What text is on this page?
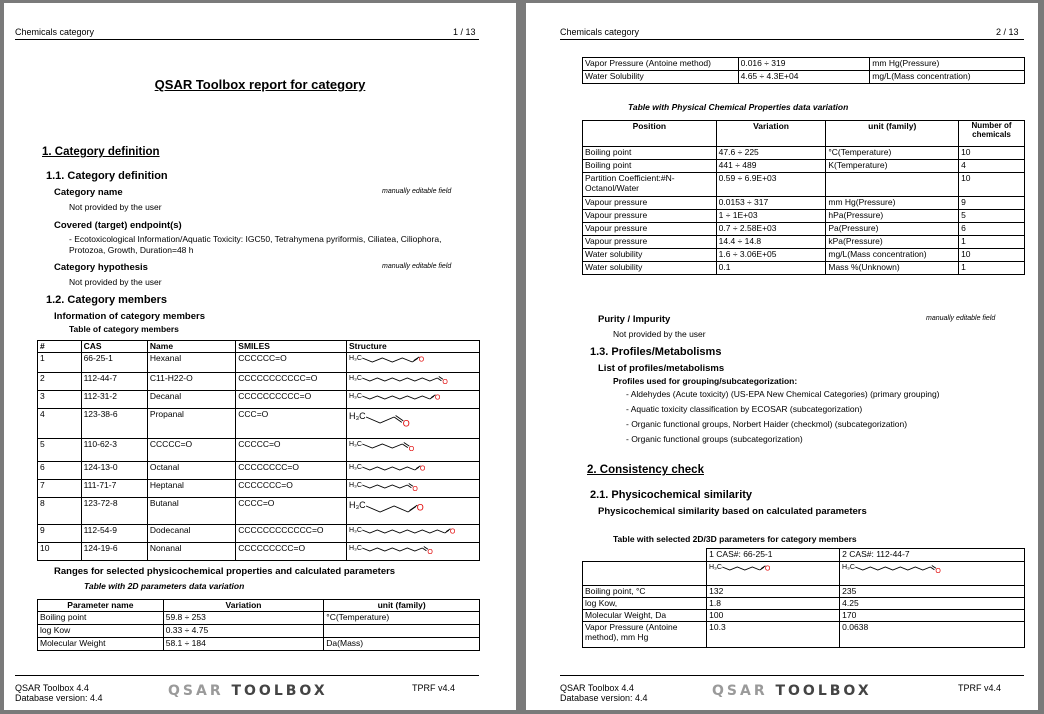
Chemicals category	1 / 13
QSAR Toolbox report for category
1. Category definition
1.1. Category definition
Category name	manually editable field
Not provided by the user
Covered (target) endpoint(s)
- Ecotoxicological Information/Aquatic Toxicity: IGC50, Tetrahymena pyriformis, Ciliatea, Ciliophora,
Protozoa, Growth, Duration=48 h
Category hypothesis	manually editable field
Not provided by the user
1.2. Category members
Information of category members
Table of category members
#	CAS	Name	SMILES	Structure
1	66-25-1	Hexanal	CCCCCC=O	H₃C O

2	112-44-7	C11-H22-O	CCCCCCCCCCC=O	H₃C
O

3	112-31-2	Decanal	CCCCCCCCCC=O	H₃C O

4	123-38-6	Propanal	CCC=O	H₃C
O

5	110-62-3	CCCCC=O	CCCCC=O	H₃C
O

6	124-13-0	Octanal	CCCCCCCC=O	H₃C O

7	111-71-7	Heptanal	CCCCCCC=O	H₃C
O

8	123-72-8	Butanal	CCCC=O	H₃C O

9	112-54-9	Dodecanal	CCCCCCCCCCCC=O	H₃C O

10	124-19-6	Nonanal	CCCCCCCCC=O	H₃C
O
Ranges for selected physicochemical properties and calculated parameters
Table with 2D parameters data variation
Parameter name	Variation	unit (family)
Boiling point	59.8 ÷ 253	°C(Temperature)
log Kow	0.33 ÷ 4.75	
Molecular Weight	58.1 ÷ 184	Da(Mass)
QSAR Toolbox 4.4
Database version: 4.4	QSAR TOOLBOX	TPRF v4.4
Chemicals category	2 / 13
Vapor Pressure (Antoine method)	0.016 ÷ 319	mm Hg(Pressure)
Water Solubility	4.65 ÷ 4.3E+04	mg/L(Mass concentration)
Table with Physical Chemical Properties data variation
Position	Variation	unit (family)	Number of chemicals
Boiling point	47.6 ÷ 225	°C(Temperature)	10
Boiling point	441 ÷ 489	K(Temperature)	4
Partition Coefficient:#N-Octanol/Water	0.59 ÷ 6.9E+03		10
Vapour pressure	0.0153 ÷ 317	mm Hg(Pressure)	9
Vapour pressure	1 ÷ 1E+03	hPa(Pressure)	5
Vapour pressure	0.7 ÷ 2.58E+03	Pa(Pressure)	6
Vapour pressure	14.4 ÷ 14.8	kPa(Pressure)	1
Water solubility	1.6 ÷ 3.06E+05	mg/L(Mass concentration)	10
Water solubility	0.1	Mass %(Unknown)	1
Purity / Impurity	manually editable field
Not provided by the user
1.3. Profiles/Metabolisms
List of profiles/metabolisms
Profiles used for grouping/subcategorization:
- Aldehydes (Acute toxicity) (US-EPA New Chemical Categories) (primary grouping)
- Aquatic toxicity classification by ECOSAR (subcategorization)
- Organic functional groups, Norbert Haider (checkmol) (subcategorization)
- Organic functional groups (subcategorization)
2. Consistency check
2.1. Physicochemical similarity
Physicochemical similarity based on calculated parameters
Table with selected 2D/3D parameters for category members
	1 CAS#: 66-25-1	2 CAS#: 112-44-7

H₃C O	H₃C
O

Boiling point, °C	132	235
log Kow,	1.8	4.25
Molecular Weight, Da	100	170
Vapor Pressure (Antoine method), mm Hg	10.3	0.0638
QSAR Toolbox 4.4
Database version: 4.4	QSAR TOOLBOX	TPRF v4.4
